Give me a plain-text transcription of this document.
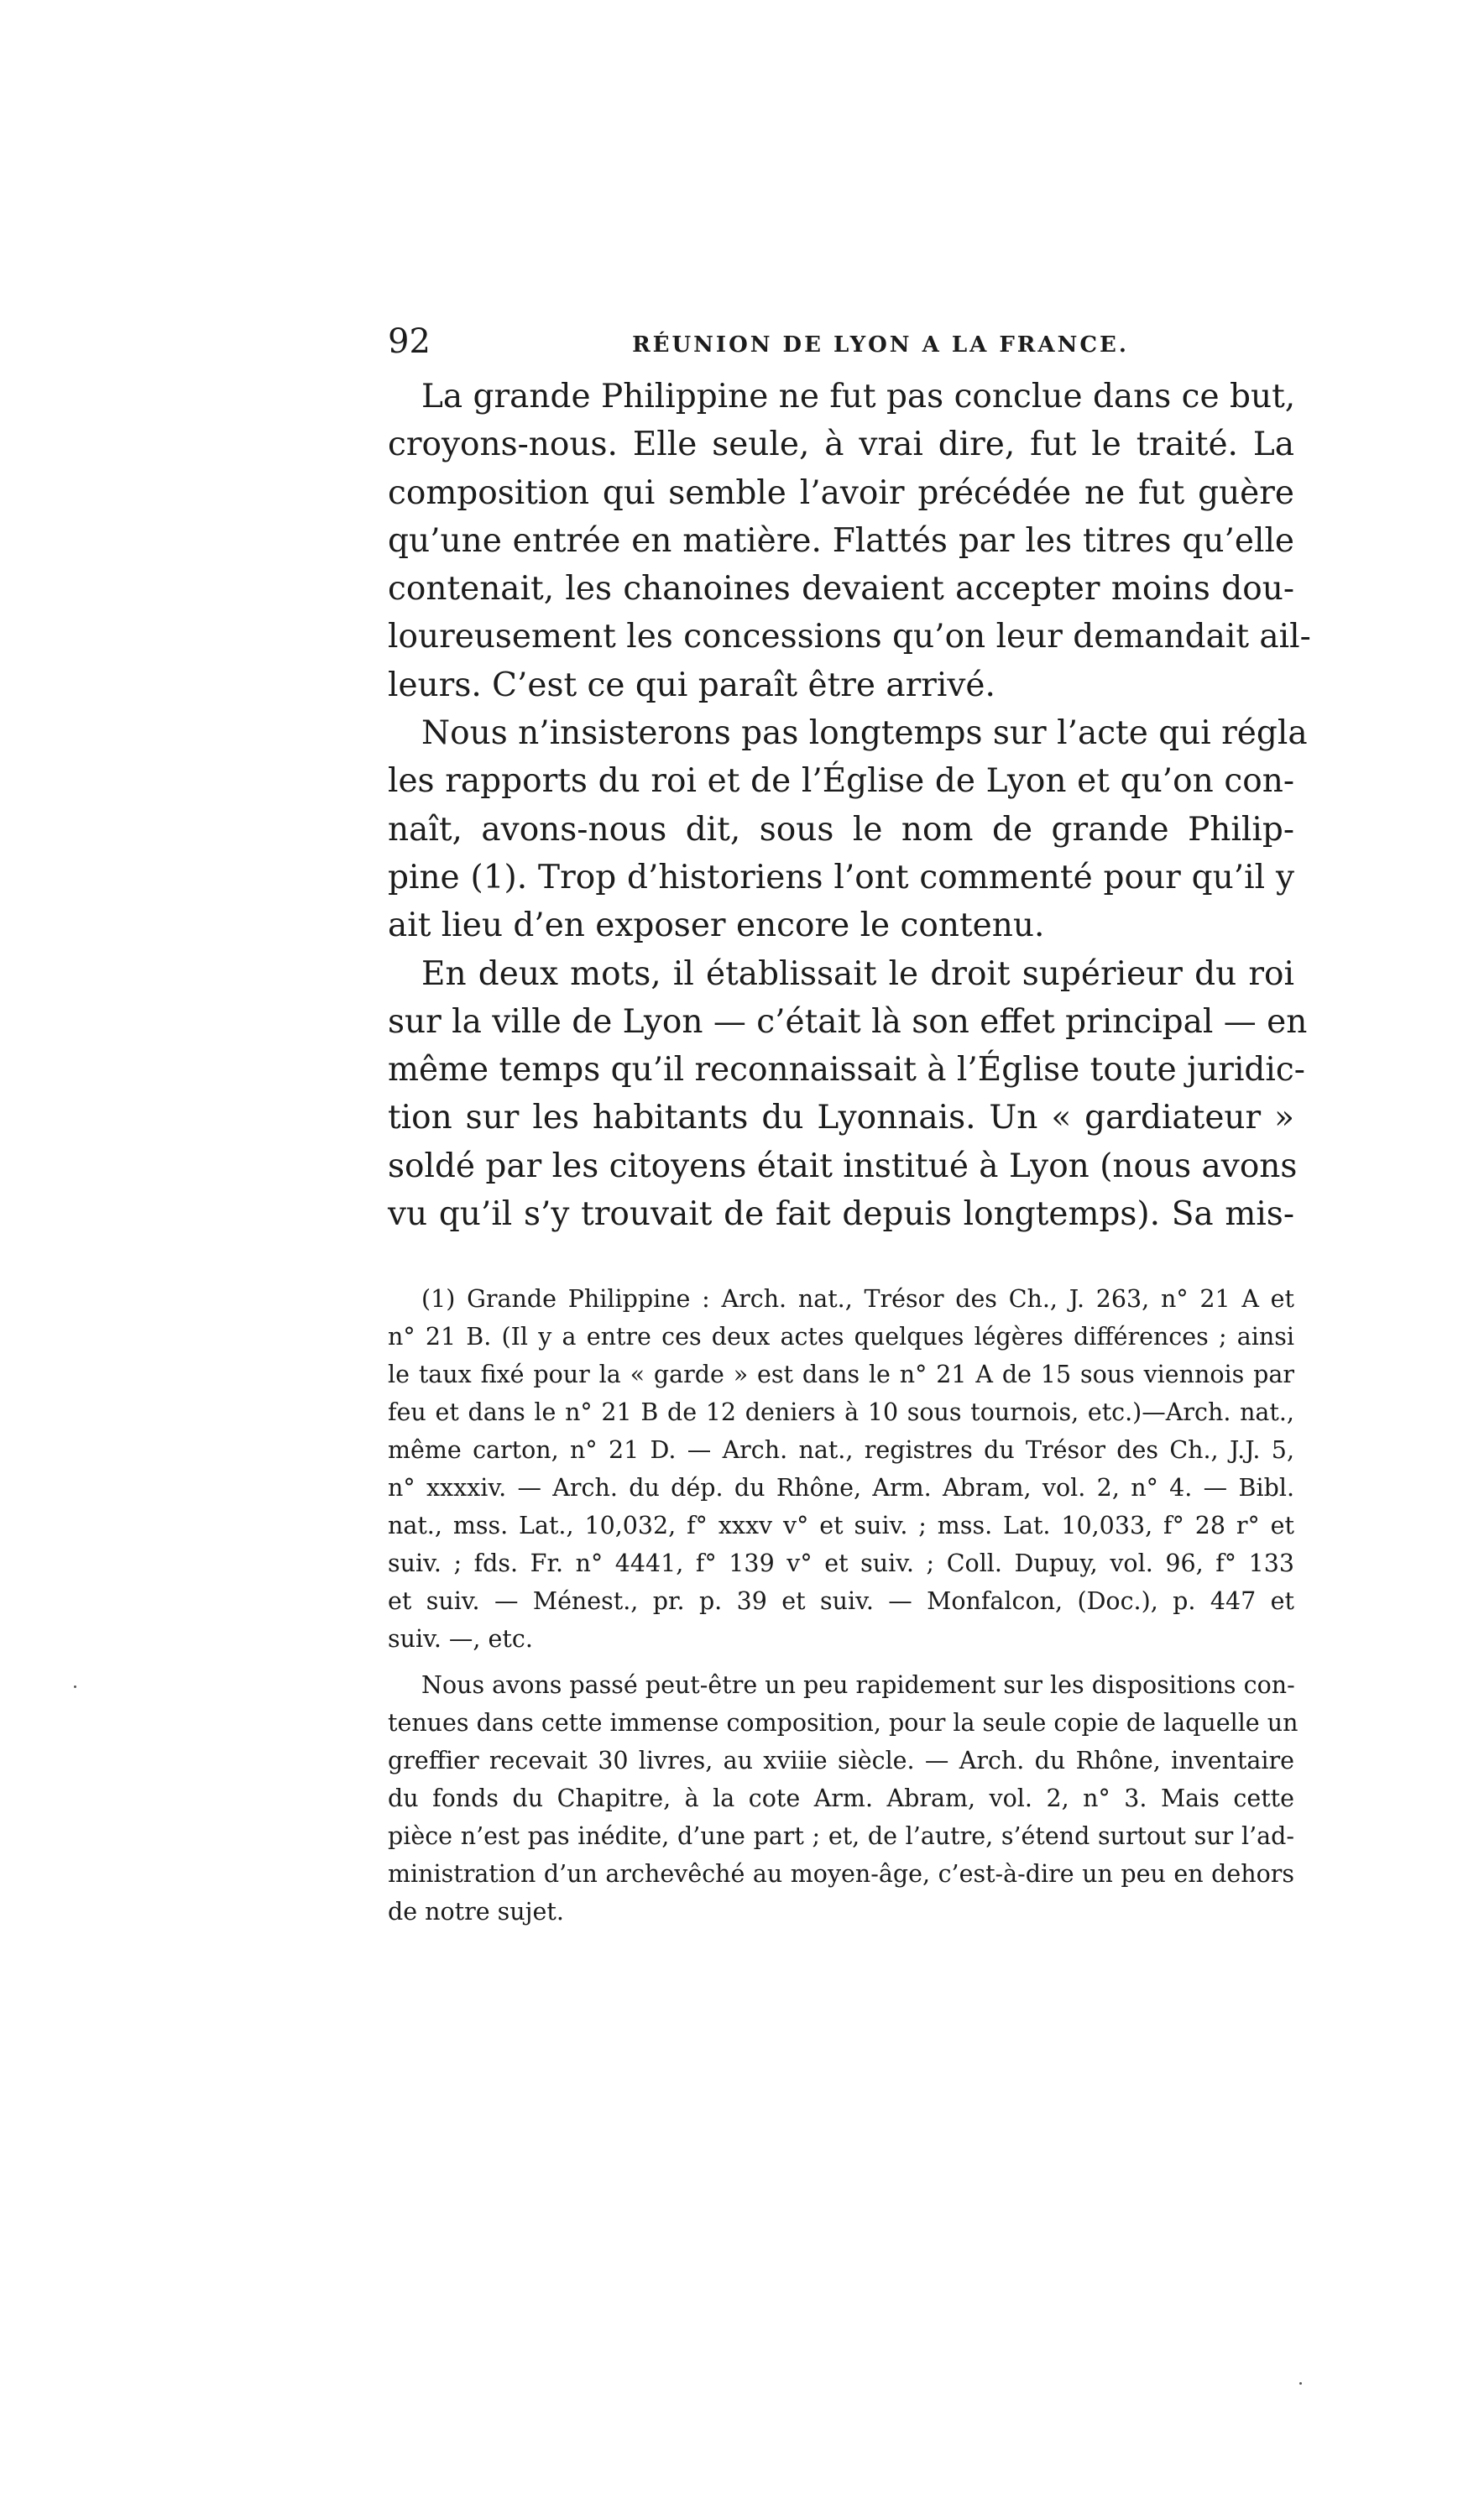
92	RÉUNION DE LYON A LA FRANCE.

La grande Philippine ne fut pas conclue dans ce but,
croyons-nous. Elle seule, à vrai dire, fut le traité. La
composition qui semble l’avoir précédée ne fut guère
qu’une entrée en matière. Flattés par les titres qu’elle
contenait, les chanoines devaient accepter moins dou-
loureusement les concessions qu’on leur demandait ail-
leurs. C’est ce qui paraît être arrivé.

Nous n’insisterons pas longtemps sur l’acte qui régla
les rapports du roi et de l’Église de Lyon et qu’on con-
naît, avons-nous dit, sous le nom de grande Philip-
pine (1). Trop d’historiens l’ont commenté pour qu’il y
ait lieu d’en exposer encore le contenu.

En deux mots, il établissait le droit supérieur du roi
sur la ville de Lyon — c’était là son effet principal — en
même temps qu’il reconnaissait à l’Église toute juridic-
tion sur les habitants du Lyonnais. Un « gardiateur »
soldé par les citoyens était institué à Lyon (nous avons
vu qu’il s’y trouvait de fait depuis longtemps). Sa mis-

(1) Grande Philippine : Arch. nat., Trésor des Ch., J. 263, n° 21 A et
n° 21 B. (Il y a entre ces deux actes quelques légères différences ; ainsi
le taux fixé pour la « garde » est dans le n° 21 A de 15 sous viennois par
feu et dans le n° 21 B de 12 deniers à 10 sous tournois, etc.)—Arch. nat.,
même carton, n° 21 D. — Arch. nat., registres du Trésor des Ch., J.J. 5,
n° xxxxiv. — Arch. du dép. du Rhône, Arm. Abram, vol. 2, n° 4. — Bibl.
nat., mss. Lat., 10,032, f° xxxv v° et suiv. ; mss. Lat. 10,033, f° 28 r° et
suiv. ; fds. Fr. n° 4441, f° 139 v° et suiv. ; Coll. Dupuy, vol. 96, f° 133
et suiv. — Ménest., pr. p. 39 et suiv. — Monfalcon, (Doc.), p. 447 et
suiv. —, etc.
Nous avons passé peut-être un peu rapidement sur les dispositions con-
tenues dans cette immense composition, pour la seule copie de laquelle un
greffier recevait 30 livres, au xviiie siècle. — Arch. du Rhône, inventaire
du fonds du Chapitre, à la cote Arm. Abram, vol. 2, n° 3. Mais cette
pièce n’est pas inédite, d’une part ; et, de l’autre, s’étend surtout sur l’ad-
ministration d’un archevêché au moyen-âge, c’est-à-dire un peu en dehors
de notre sujet.
